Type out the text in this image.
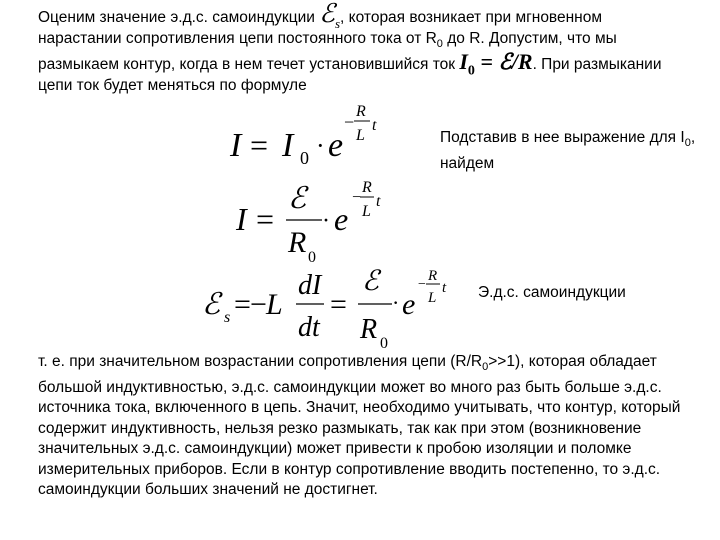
Оценим значение э.д.с. самоиндукции ℰ$_s$, которая возникает при мгновенном нарастании сопротивления цепи постоянного тока от $R_0$ до R. Допустим, что мы размыкаем контур, когда в нем течет установившийся ток $I_0$ = ℰ/R. При размыкании цепи ток будет меняться по формуле
I = I 0 · e
−
R
L
t
Подставив в нее выражение для $I_0$, найдем
I =
ℰ
R 0
· e
−
R
L
t
Э.д.с. самоиндукции
ℰ s = − L
dI
dt
=
ℰ
R 0
· e
−
R
L
t
т. е. при значительном возрастании сопротивления цепи $(R/R_0>>1)$, которая обладает большой индуктивностью, э.д.с. самоиндукции может во много раз быть больше э.д.с. источника тока, включенного в цепь. Значит, необходимо учитывать, что контур, который содержит индуктивность, нельзя резко размыкать, так как при этом (возникновение значительных э.д.с. самоиндукции) может привести к пробою изоляции и поломке измерительных приборов. Если в контур сопротивление вводить постепенно, то э.д.с. самоиндукции больших значений не достигнет.
